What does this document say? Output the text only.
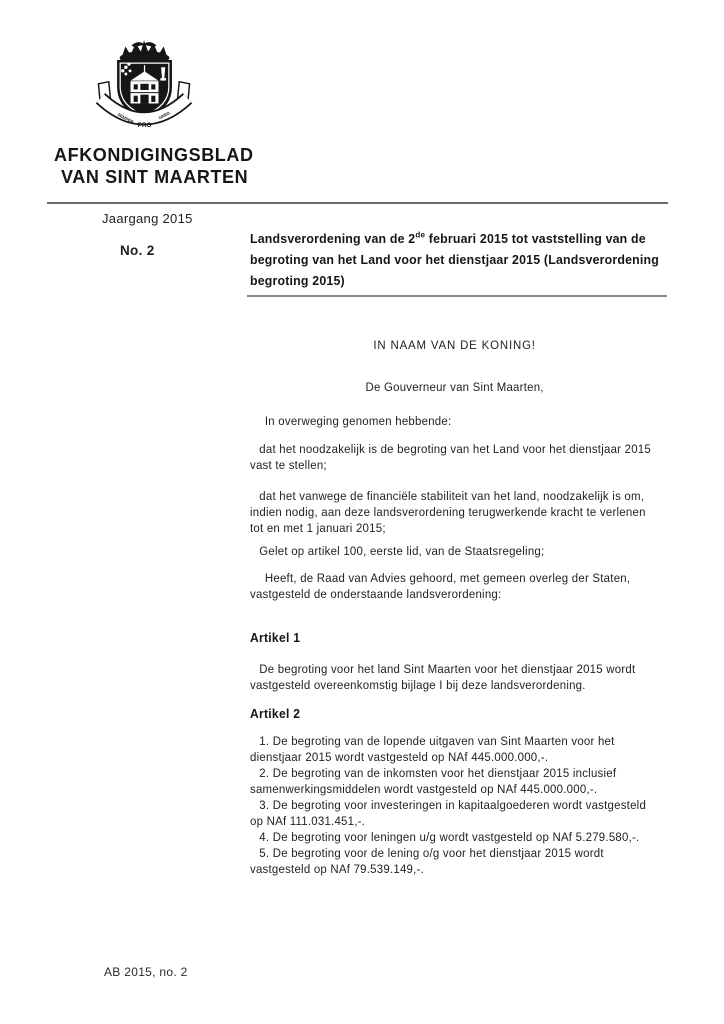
SEMPER
PRO
GRED.
AFKONDIGINGSBLAD
VAN SINT MAARTEN

Jaargang 2015

No. 2

Landsverordening van de 2de februari 2015 tot vaststelling van de begroting van het Land voor het dienstjaar 2015 (Landsverordening begroting 2015)

IN NAAM VAN DE KONING!

De Gouverneur van Sint Maarten,

In overweging genomen hebbende:

dat het noodzakelijk is de begroting van het Land voor het dienstjaar 2015 vast te stellen;

dat het vanwege de financiële stabiliteit van het land, noodzakelijk is om, indien nodig, aan deze landsverordening terugwerkende kracht te verlenen tot en met 1 januari 2015;

Gelet op artikel 100, eerste lid, van de Staatsregeling;

Heeft, de Raad van Advies gehoord, met gemeen overleg der Staten, vastgesteld de onderstaande landsverordening:

Artikel 1

De begroting voor het land Sint Maarten voor het dienstjaar 2015 wordt vastgesteld overeenkomstig bijlage I bij deze landsverordening.

Artikel 2

1. De begroting van de lopende uitgaven van Sint Maarten voor het dienstjaar 2015 wordt vastgesteld op NAf 445.000.000,-.

2. De begroting van de inkomsten voor het dienstjaar 2015 inclusief samenwerkingsmiddelen wordt vastgesteld op NAf 445.000.000,-.

3. De begroting voor investeringen in kapitaalgoederen wordt vastgesteld op NAf 111.031.451,-.

4. De begroting voor leningen u/g wordt vastgesteld op NAf 5.279.580,-.

5. De begroting voor de lening o/g voor het dienstjaar 2015 wordt vastgesteld op NAf 79.539.149,-.

AB 2015, no. 2
